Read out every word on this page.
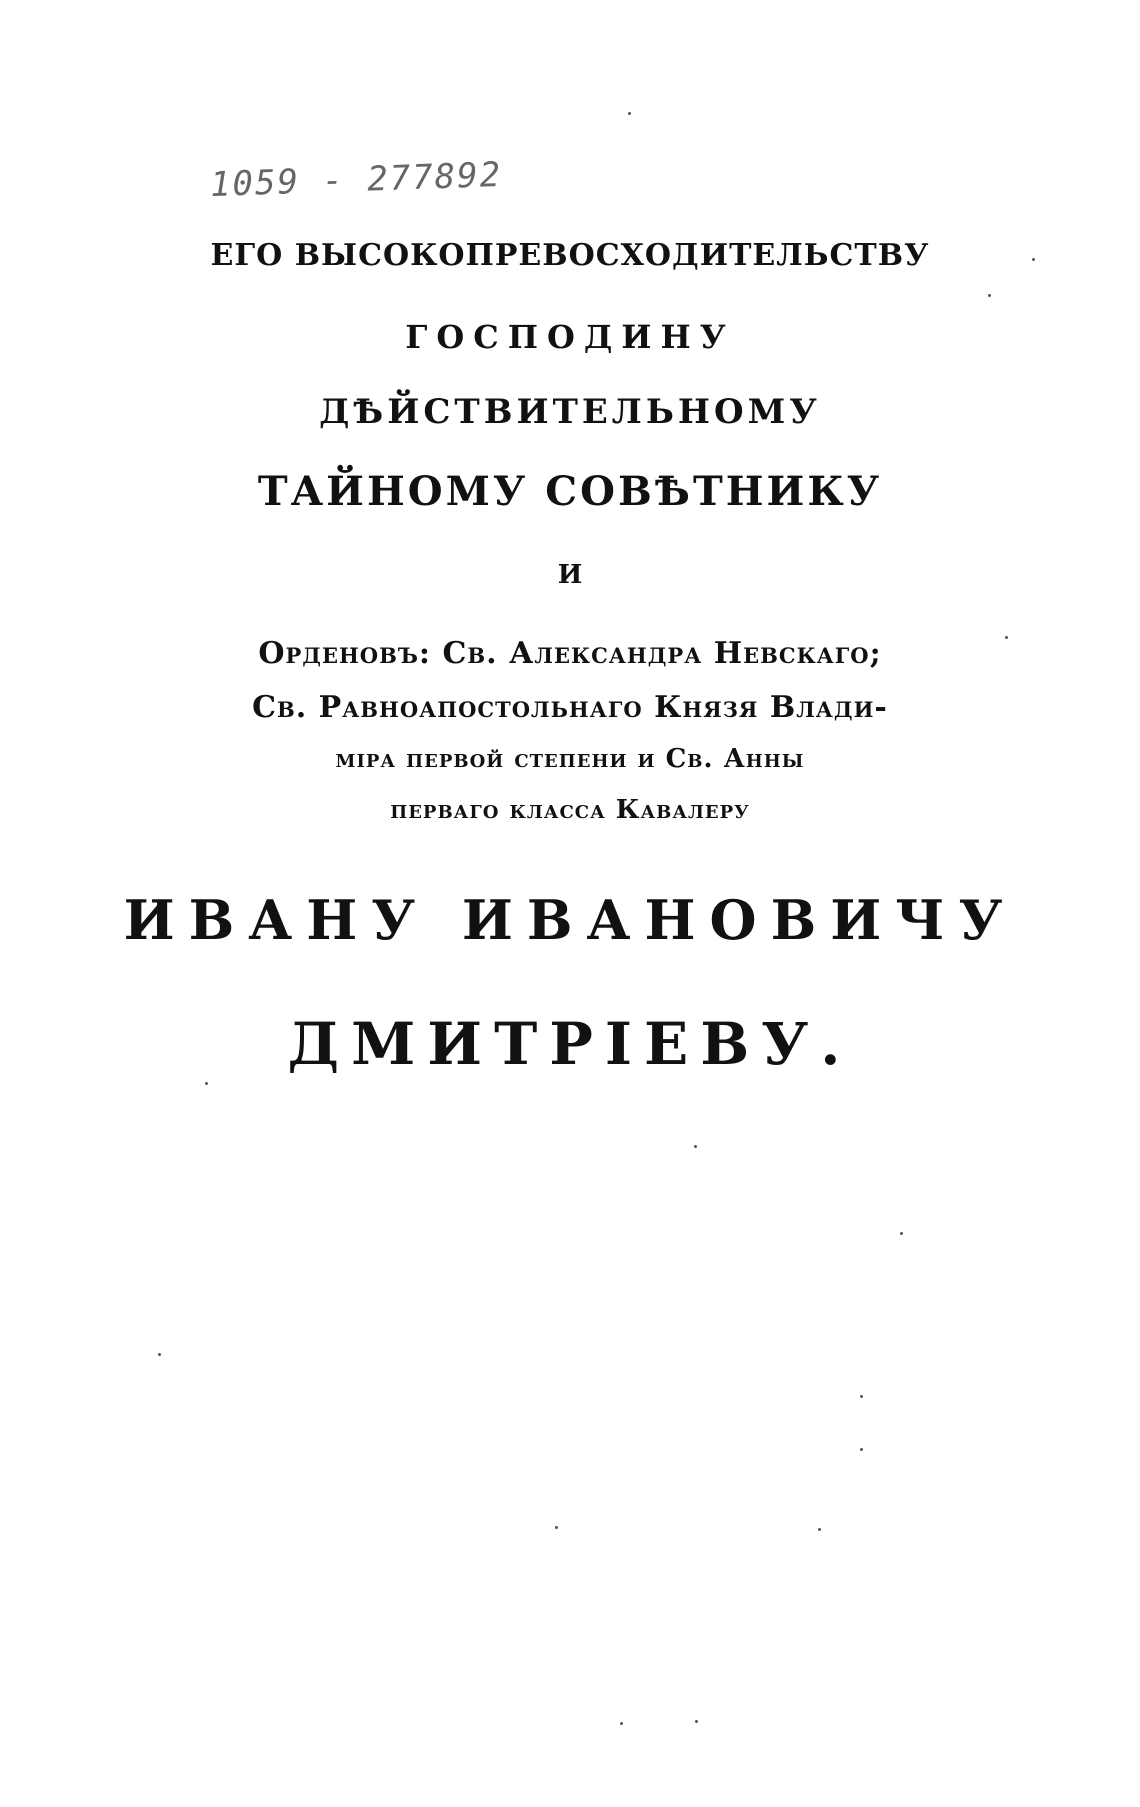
1059 - 277892
ЕГО ВЫСОКОПРЕВОСХОДИТЕЛЬСТВУ
ГОСПОДИНУ
ДѢЙСТВИТЕЛЬНОМУ
ТАЙНОМУ СОВѢТНИКУ
И
Орденовъ: Св. Александра Невскаго;
Св. Равноапостольнаго Князя Влади-
міра первой степени и Св. Анны
перваго класса Кавалеру
ИВАНУ ИВАНОВИЧУ
ДМИТРІЕВУ.
